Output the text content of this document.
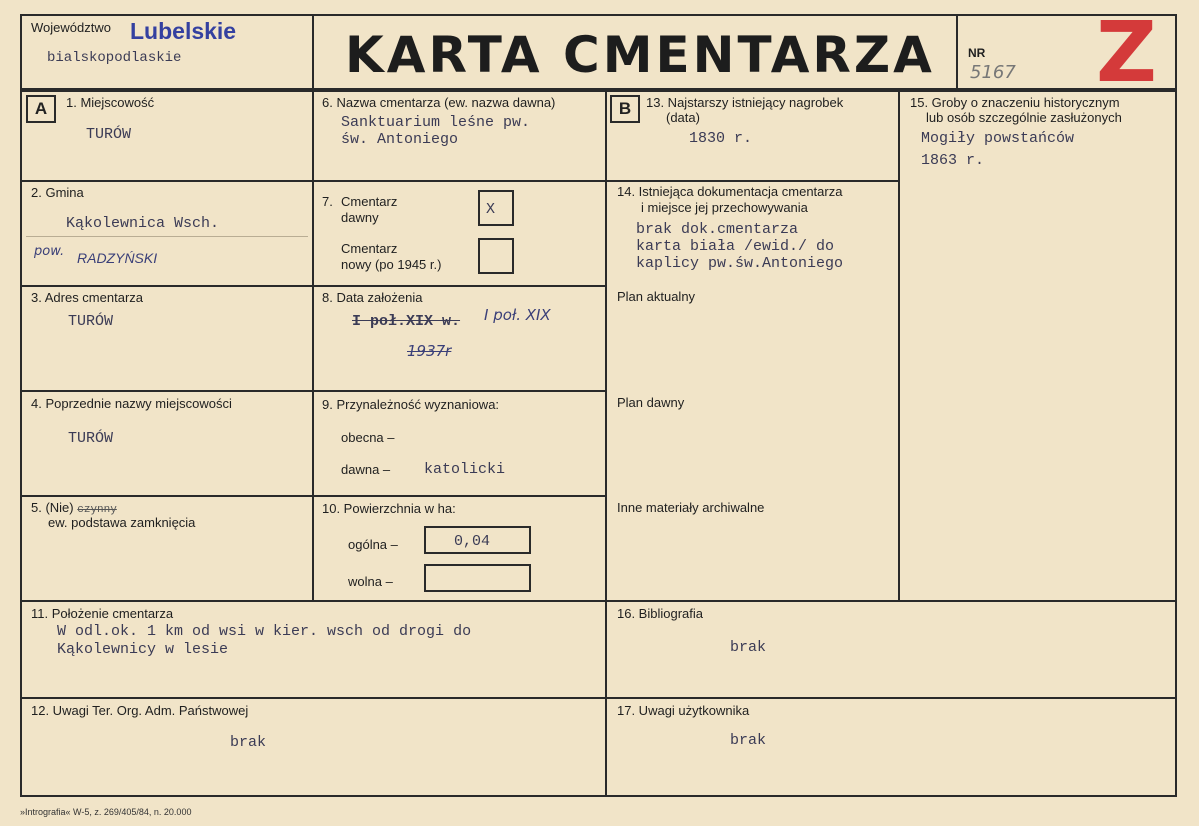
Województwo Lubelskie
bialskopodlaskie	KARTA CMENTARZA	NR
5167 Z
A	1. Miejscowość
TURÓW
2. Gmina
Kąkolewnica Wsch.
pow. RADZYŃSKI
3. Adres cmentarza
TURÓW
4. Poprzednie nazwy miejscowości
TURÓW
5. (Nie) czynny
ew. podstawa zamknięcia
6. Nazwa cmentarza (ew. nazwa dawna)
Sanktuarium leśne pw.
św. Antoniego
7. Cmentarz
dawny	X
Cmentarz
nowy (po 1945 r.)
8. Data założenia
I poł.XIX w. I poł. XIX
1937r
9. Przynależność wyznaniowa:
obecna –
dawna – katolicki
10. Powierzchnia w ha:
ogólna –	0,04
wolna –
B	13. Najstarszy istniejący nagrobek
(data)
1830 r.
14. Istniejąca dokumentacja cmentarza
i miejsce jej przechowywania
brak dok.cmentarza
karta biała /ewid./ do
kaplicy pw.św.Antoniego
Plan aktualny
Plan dawny
Inne materiały archiwalne
15. Groby o znaczeniu historycznym
lub osób szczególnie zasłużonych
Mogiły powstańców
1863 r.
11. Położenie cmentarza
W odl.ok. 1 km od wsi w kier. wsch od drogi do
Kąkolewnicy w lesie
16. Bibliografia
brak
12. Uwagi Ter. Org. Adm. Państwowej
brak
17. Uwagi użytkownika
brak
»Intrografia« W-5, z. 269/405/84, n. 20.000
